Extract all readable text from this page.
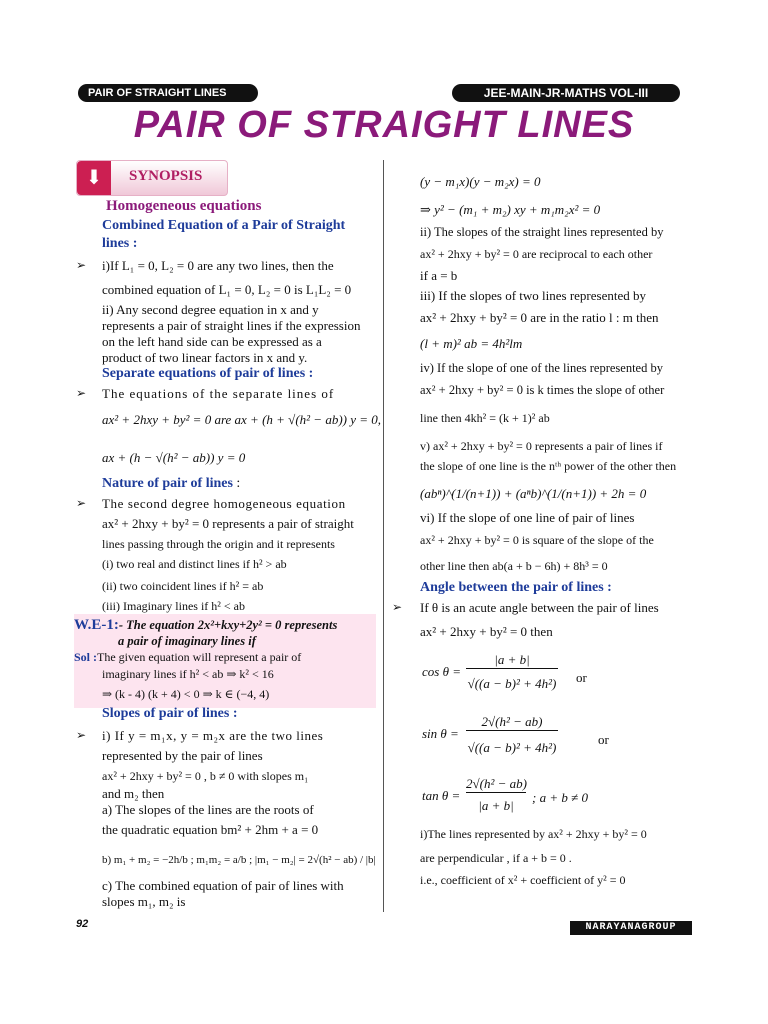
PAIR OF STRAIGHT LINES	JEE-MAIN-JR-MATHS VOL-III
PAIR OF STRAIGHT LINES
⬇	SYNOPSIS
Homogeneous equations
Combined Equation of a Pair of Straight
lines :
➢ i)If L₁ = 0, L₂ = 0 are any two lines, then the
combined equation of L₁ = 0, L₂ = 0 is L₁L₂ = 0
ii) Any second degree equation in x and y
represents a pair of straight lines if the expression
on the left hand side can be expressed as a
product of two linear factors in x and y.
Separate equations of pair of lines :
➢ The equations of the separate lines of
ax² + 2hxy + by² = 0 are ax + (h + √(h² − ab)) y = 0,
ax + (h − √(h² − ab)) y = 0
Nature of pair of lines :
➢ The second degree homogeneous equation
ax² + 2hxy + by² = 0 represents a pair of straight
lines passing through the origin and it represents
(i) two real and distinct lines if h² > ab
(ii) two coincident lines if h² = ab
(iii) Imaginary lines if h² < ab
W.E-1:- The equation 2x²+kxy+2y² = 0 represents
a pair of imaginary lines if
Sol :The given equation will represent a pair of
imaginary lines if h² < ab ⇒ k² < 16
⇒ (k - 4) (k + 4) < 0 ⇒ k ∈ (−4, 4)
Slopes of pair of lines :
➢ i) If y = m₁x, y = m₂x are the two lines
represented by the pair of lines
ax² + 2hxy + by² = 0 , b ≠ 0 with slopes m₁
and m₂ then
a) The slopes of the lines are the roots of
the quadratic equation bm² + 2hm + a = 0
b) m₁ + m₂ = −2h/b ; m₁m₂ = a/b ; |m₁ − m₂| = 2√(h² − ab) / |b|
c) The combined equation of pair of lines with
slopes m₁, m₂ is
(y − m₁x)(y − m₂x) = 0
⇒ y² − (m₁ + m₂) xy + m₁m₂x² = 0
ii) The slopes of the straight lines represented by
ax² + 2hxy + by² = 0 are reciprocal to each other
if a = b
iii) If the slopes of two lines represented by
ax² + 2hxy + by² = 0 are in the ratio l : m then
(l + m)² ab = 4h²lm
iv) If the slope of one of the lines represented by
ax² + 2hxy + by² = 0 is k times the slope of other
line then 4kh² = (k + 1)² ab
v) ax² + 2hxy + by² = 0 represents a pair of lines if
the slope of one line is the nᵗʰ power of the other then
(abⁿ)^(1/(n+1)) + (aⁿb)^(1/(n+1)) + 2h = 0
vi) If the slope of one line of pair of lines
ax² + 2hxy + by² = 0 is square of the slope of the
other line then ab(a + b − 6h) + 8h³ = 0
Angle between the pair of lines :
➢ If θ is an acute angle between the pair of lines
ax² + 2hxy + by² = 0 then
cos θ =
|a + b|
√((a − b)² + 4h²) or
sin θ =
2√(h² − ab)
√((a − b)² + 4h²)
or
tan θ =
2√(h² − ab)
|a + b|
; a + b ≠ 0
i)The lines represented by ax² + 2hxy + by² = 0
are perpendicular , if a + b = 0 .
i.e., coefficient of x² + coefficient of y² = 0
92	NARAYANAGROUP
